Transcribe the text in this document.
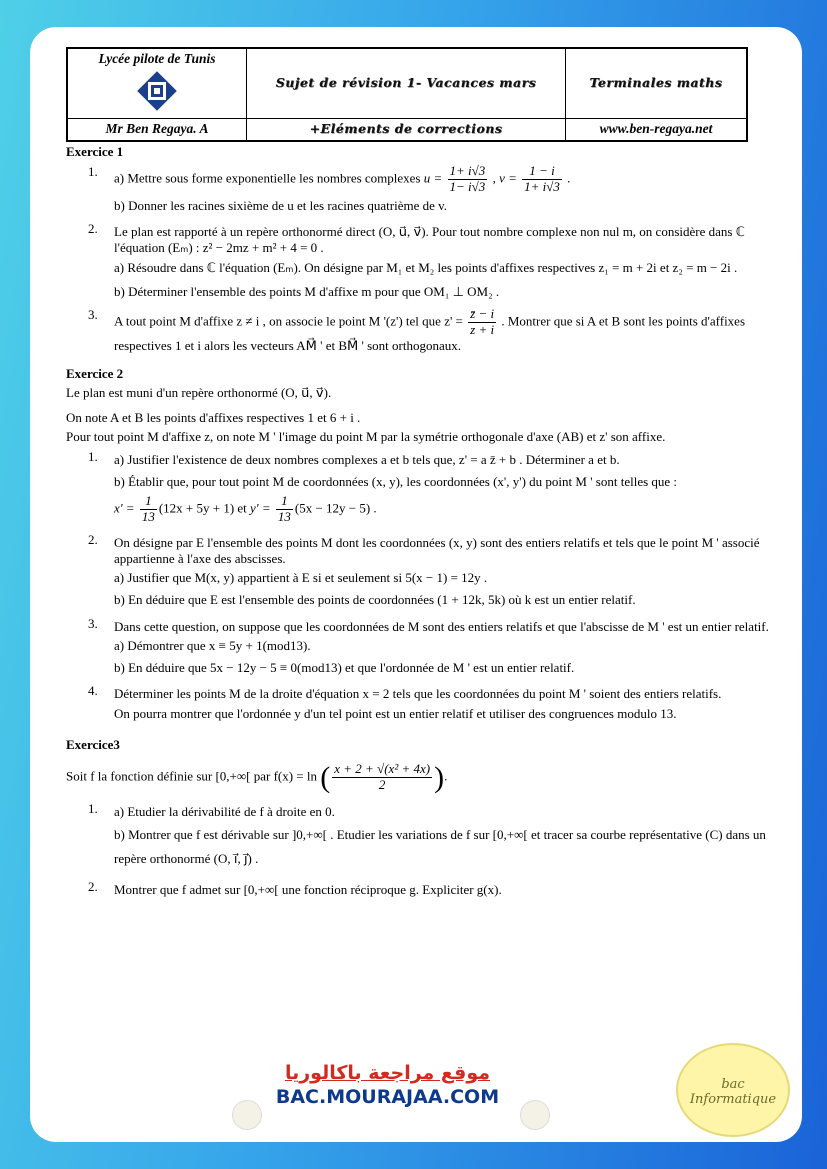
Lycée pilote de Tunis	Sujet de révision 1- Vacances mars	Terminales maths
Mr Ben Regaya. A	+Eléments de corrections	www.ben-regaya.net
Exercice 1
1.	a) Mettre sous forme exponentielle les nombres complexes $u = \frac{1+ i√3}{1- i√3}$ , $v = \frac{1 - i}{1+ i√3}$ .
b) Donner les racines sixième de u et les racines quatrième de v.
2.	Le plan est rapporté à un repère orthonormé direct (O, u⃗, v⃗). Pour tout nombre complexe non nul m, on considère dans ℂ l'équation (Eₘ) : z² − 2mz + m² + 4 = 0 .
a) Résoudre dans ℂ l'équation (Eₘ). On désigne par M₁ et M₂ les points d'affixes respectives z₁ = m + 2i et z₂ = m − 2i .
b) Déterminer l'ensemble des points M d'affixe m pour que OM₁ ⊥ OM₂ .
3.	A tout point M d'affixe z ≠ i , on associe le point M '(z') tel que $z' = \frac{z̄ - i}{z + i}$ . Montrer que si A et B sont les points d'affixes respectives 1 et i alors les vecteurs AM⃗ ' et BM⃗ ' sont orthogonaux.
Exercice 2
Le plan est muni d'un repère orthonormé (O, u⃗, v⃗).
On note A et B les points d'affixes respectives 1 et 6 + i .
Pour tout point M d'affixe z, on note M ' l'image du point M par la symétrie orthogonale d'axe (AB) et z' son affixe.
1.	a) Justifier l'existence de deux nombres complexes a et b tels que, z' = a z̄ + b . Déterminer a et b.
b) Établir que, pour tout point M de coordonnées (x, y), les coordonnées (x', y') du point M ' sont telles que :
$x' = \frac{1}{13} (12x + 5y + 1)$ et $y' = \frac{1}{13} (5x - 12y - 5)$ .
2.	On désigne par E l'ensemble des points M dont les coordonnées (x, y) sont des entiers relatifs et tels que le point M ' associé appartienne à l'axe des abscisses.
a) Justifier que M(x, y) appartient à E si et seulement si 5(x − 1) = 12y .
b) En déduire que E est l'ensemble des points de coordonnées (1 + 12k, 5k) où k est un entier relatif.
3.	Dans cette question, on suppose que les coordonnées de M sont des entiers relatifs et que l'abscisse de M ' est un entier relatif.
a) Démontrer que x ≡ 5y + 1(mod13).
b) En déduire que 5x − 12y − 5 ≡ 0(mod13) et que l'ordonnée de M ' est un entier relatif.
4.	Déterminer les points M de la droite d'équation x = 2 tels que les coordonnées du point M ' soient des entiers relatifs.
On pourra montrer que l'ordonnée y d'un tel point est un entier relatif et utiliser des congruences modulo 13.
Exercice3
Soit f la fonction définie sur [0,+∞[ par f(x) = ln ( $\frac{\text{x + 2 + √(x² + 4x)}}{2}$ ).
1.	a) Etudier la dérivabilité de f à droite en 0.
b) Montrer que f est dérivable sur ]0,+∞[ . Etudier les variations de f sur [0,+∞[ et tracer sa courbe représentative (C) dans un repère orthonormé (O, i⃗, j⃗) .
2.	Montrer que f admet sur [0,+∞[ une fonction réciproque g. Expliciter g(x).
موقع مراجعة باكالوريا
BAC.MOURAJAA.COM
bac Informatique
